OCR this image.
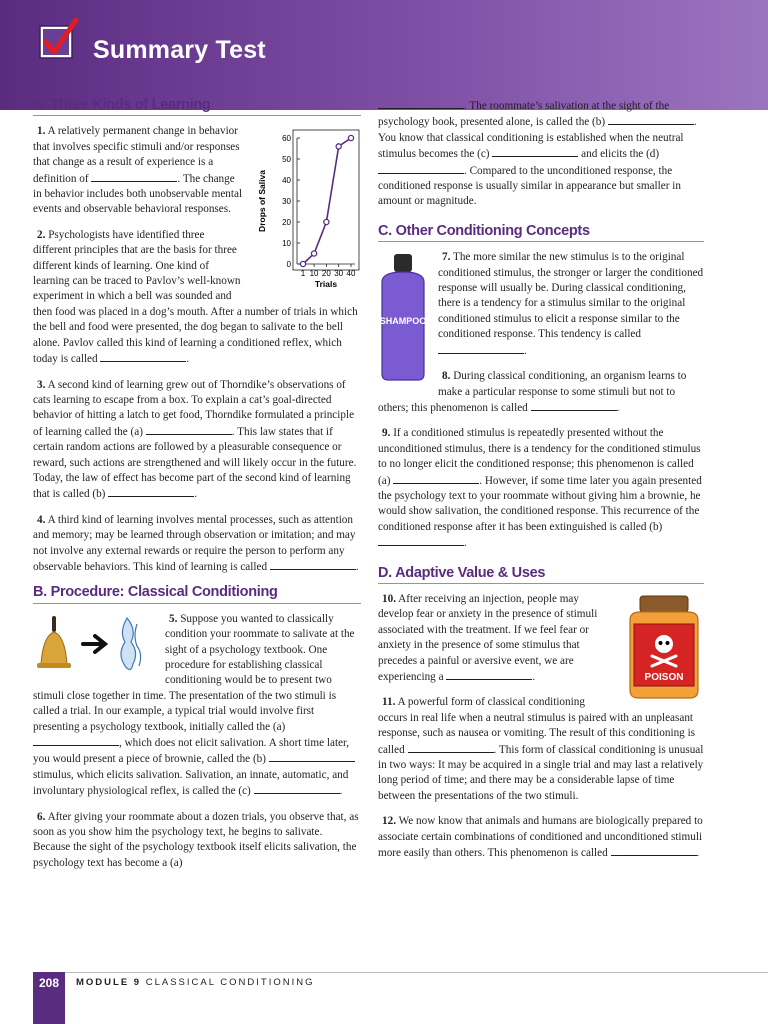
Summary Test
A. Three Kinds of Learning
0
10
20
30
40
50
60
1 10 20 30 40
Trials
Drops of Saliva

1. A relatively permanent change in behavior that involves specific stimuli and/or responses that change as a result of experience is a definition of	. The change in behavior includes both unobservable mental events and observable behavioral responses.

2. Psychologists have identified three different principles that are the basis for three different kinds of learning. One kind of learning can be traced to Pavlov’s well-known experiment in which a bell was sounded and then food was placed in a dog’s mouth. After a number of trials in which the bell and food were presented, the dog began to salivate to the bell alone. Pavlov called this kind of learning a conditioned reflex, which today is called	.

3. A second kind of learning grew out of Thorndike’s observations of cats learning to escape from a box. To explain a cat’s goal-directed behavior of hitting a latch to get food, Thorndike formulated a principle of learning called the (a)	. This law states that if certain random actions are followed by a pleasurable consequence or reward, such actions are strengthened and will likely occur in the future. Today, the law of effect has become part of the second kind of learning that is called (b)	.

4. A third kind of learning involves mental processes, such as attention and memory; may be learned through observation or imitation; and may not involve any external rewards or require the person to perform any observable behaviors. This kind of learning is called	.

B. Procedure: Classical Conditioning

5. Suppose you wanted to classically condition your roommate to salivate at the sight of a psychology textbook. One procedure for establishing classical conditioning would be to present two stimuli close together in time. The presentation of the two stimuli is called a trial. In our example, a typical trial would involve first presenting a psychology textbook, initially called the (a) , which does not elicit salivation. A short time later, you would present a piece of brownie, called the (b)  stimulus, which elicits salivation. Salivation, an innate, automatic, and involuntary physiological reflex, is called the (c)	.

6. After giving your roommate about a dozen trials, you observe that, as soon as you show him the psychology text, he begins to salivate. Because the sight of the psychology textbook itself elicits salivation, the psychology text has become a (a)

. The roommate’s salivation at the sight of the psychology book, presented alone, is called the (b)	. You know that classical conditioning is established when the neutral stimulus becomes the (c)	and elicits the (d) . Compared to the unconditioned response, the conditioned response is usually similar in appearance but smaller in amount or magnitude.

C. Other Conditioning Concepts
SHAMPOO

7. The more similar the new stimulus is to the original conditioned stimulus, the stronger or larger the conditioned response will usually be. During classical conditioning, there is a tendency for a stimulus similar to the original conditioned stimulus to elicit a response similar to the conditioned response. This tendency is called .

8. During classical conditioning, an organism learns to make a particular response to some stimuli but not to others; this phenomenon is called	.

9. If a conditioned stimulus is repeatedly presented without the unconditioned stimulus, there is a tendency for the conditioned stimulus to no longer elicit the conditioned response; this phenomenon is called (a)	. However, if some time later you again presented the psychology text to your roommate without giving him a brownie, he would show salivation, the conditioned response. This recurrence of the conditioned response after it has been extinguished is called (b) .

D. Adaptive Value & Uses
POISON

10. After receiving an injection, people may develop fear or anxiety in the presence of stimuli associated with the treatment. If we feel fear or anxiety in the presence of some stimulus that precedes a painful or aversive event, we are experiencing a	.

11. A powerful form of classical conditioning occurs in real life when a neutral stimulus is paired with an unpleasant response, such as nausea or vomiting. The result of this conditioning is called	. This form of classical conditioning is unusual in two ways: It may be acquired in a single trial and may last a relatively long period of time; and there may be a considerable lapse of time between the presentations of the two stimuli.

12. We now know that animals and humans are biologically prepared to associate certain combinations of conditioned and unconditioned stimuli more easily than others. This phenomenon is called	.

208	MODULE 9 CLASSICAL CONDITIONING
